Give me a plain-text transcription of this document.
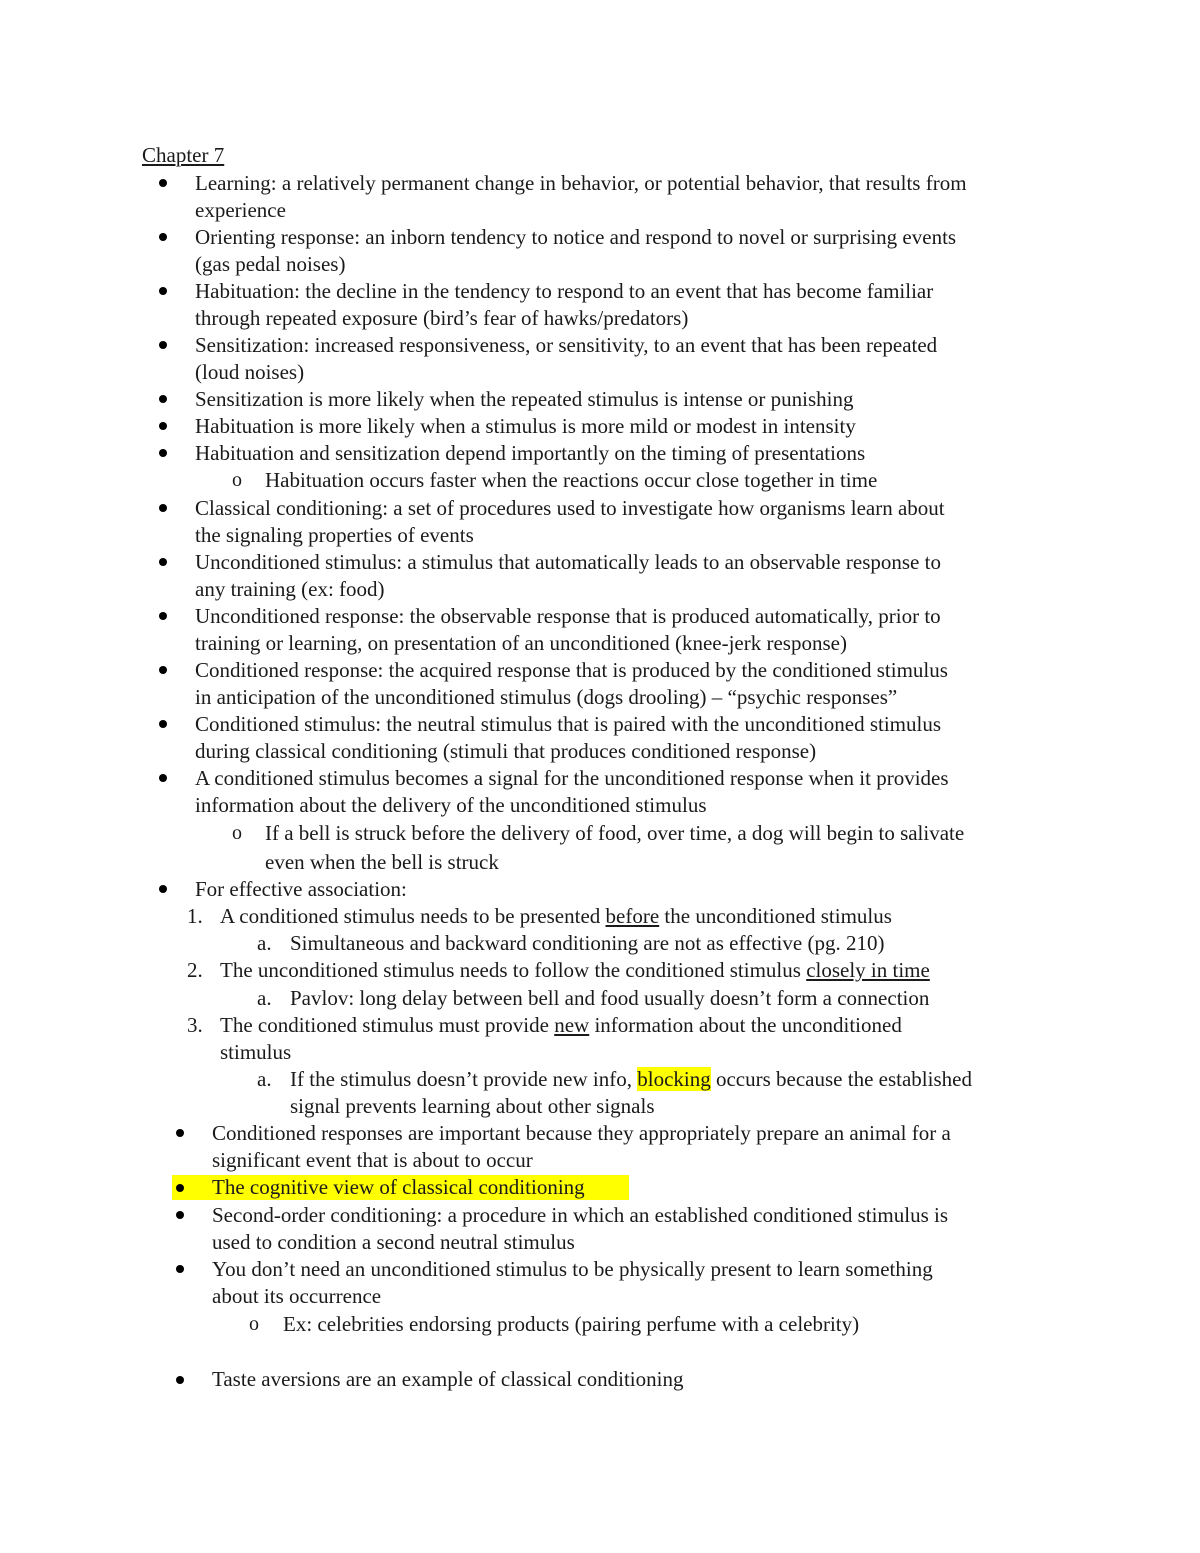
Chapter 7
Learning: a relatively permanent change in behavior, or potential behavior, that results from
experience
Orienting response: an inborn tendency to notice and respond to novel or surprising events
(gas pedal noises)
Habituation: the decline in the tendency to respond to an event that has become familiar
through repeated exposure (bird’s fear of hawks/predators)
Sensitization: increased responsiveness, or sensitivity, to an event that has been repeated
(loud noises)
Sensitization is more likely when the repeated stimulus is intense or punishing
Habituation is more likely when a stimulus is more mild or modest in intensity
Habituation and sensitization depend importantly on the timing of presentations
o Habituation occurs faster when the reactions occur close together in time
Classical conditioning: a set of procedures used to investigate how organisms learn about
the signaling properties of events
Unconditioned stimulus: a stimulus that automatically leads to an observable response to
any training (ex: food)
Unconditioned response: the observable response that is produced automatically, prior to
training or learning, on presentation of an unconditioned (knee-jerk response)
Conditioned response: the acquired response that is produced by the conditioned stimulus
in anticipation of the unconditioned stimulus (dogs drooling) – “psychic responses”
Conditioned stimulus: the neutral stimulus that is paired with the unconditioned stimulus
during classical conditioning (stimuli that produces conditioned response)
A conditioned stimulus becomes a signal for the unconditioned response when it provides
information about the delivery of the unconditioned stimulus
o If a bell is struck before the delivery of food, over time, a dog will begin to salivate
even when the bell is struck
For effective association:
1. A conditioned stimulus needs to be presented before the unconditioned stimulus
a. Simultaneous and backward conditioning are not as effective (pg. 210)
2. The unconditioned stimulus needs to follow the conditioned stimulus closely in time
a. Pavlov: long delay between bell and food usually doesn’t form a connection
3. The conditioned stimulus must provide new information about the unconditioned
stimulus
a. If the stimulus doesn’t provide new info, blocking occurs because the established
signal prevents learning about other signals
Conditioned responses are important because they appropriately prepare an animal for a
significant event that is about to occur
The cognitive view of classical conditioning
Second-order conditioning: a procedure in which an established conditioned stimulus is
used to condition a second neutral stimulus
You don’t need an unconditioned stimulus to be physically present to learn something
about its occurrence
o Ex: celebrities endorsing products (pairing perfume with a celebrity)
Taste aversions are an example of classical conditioning
